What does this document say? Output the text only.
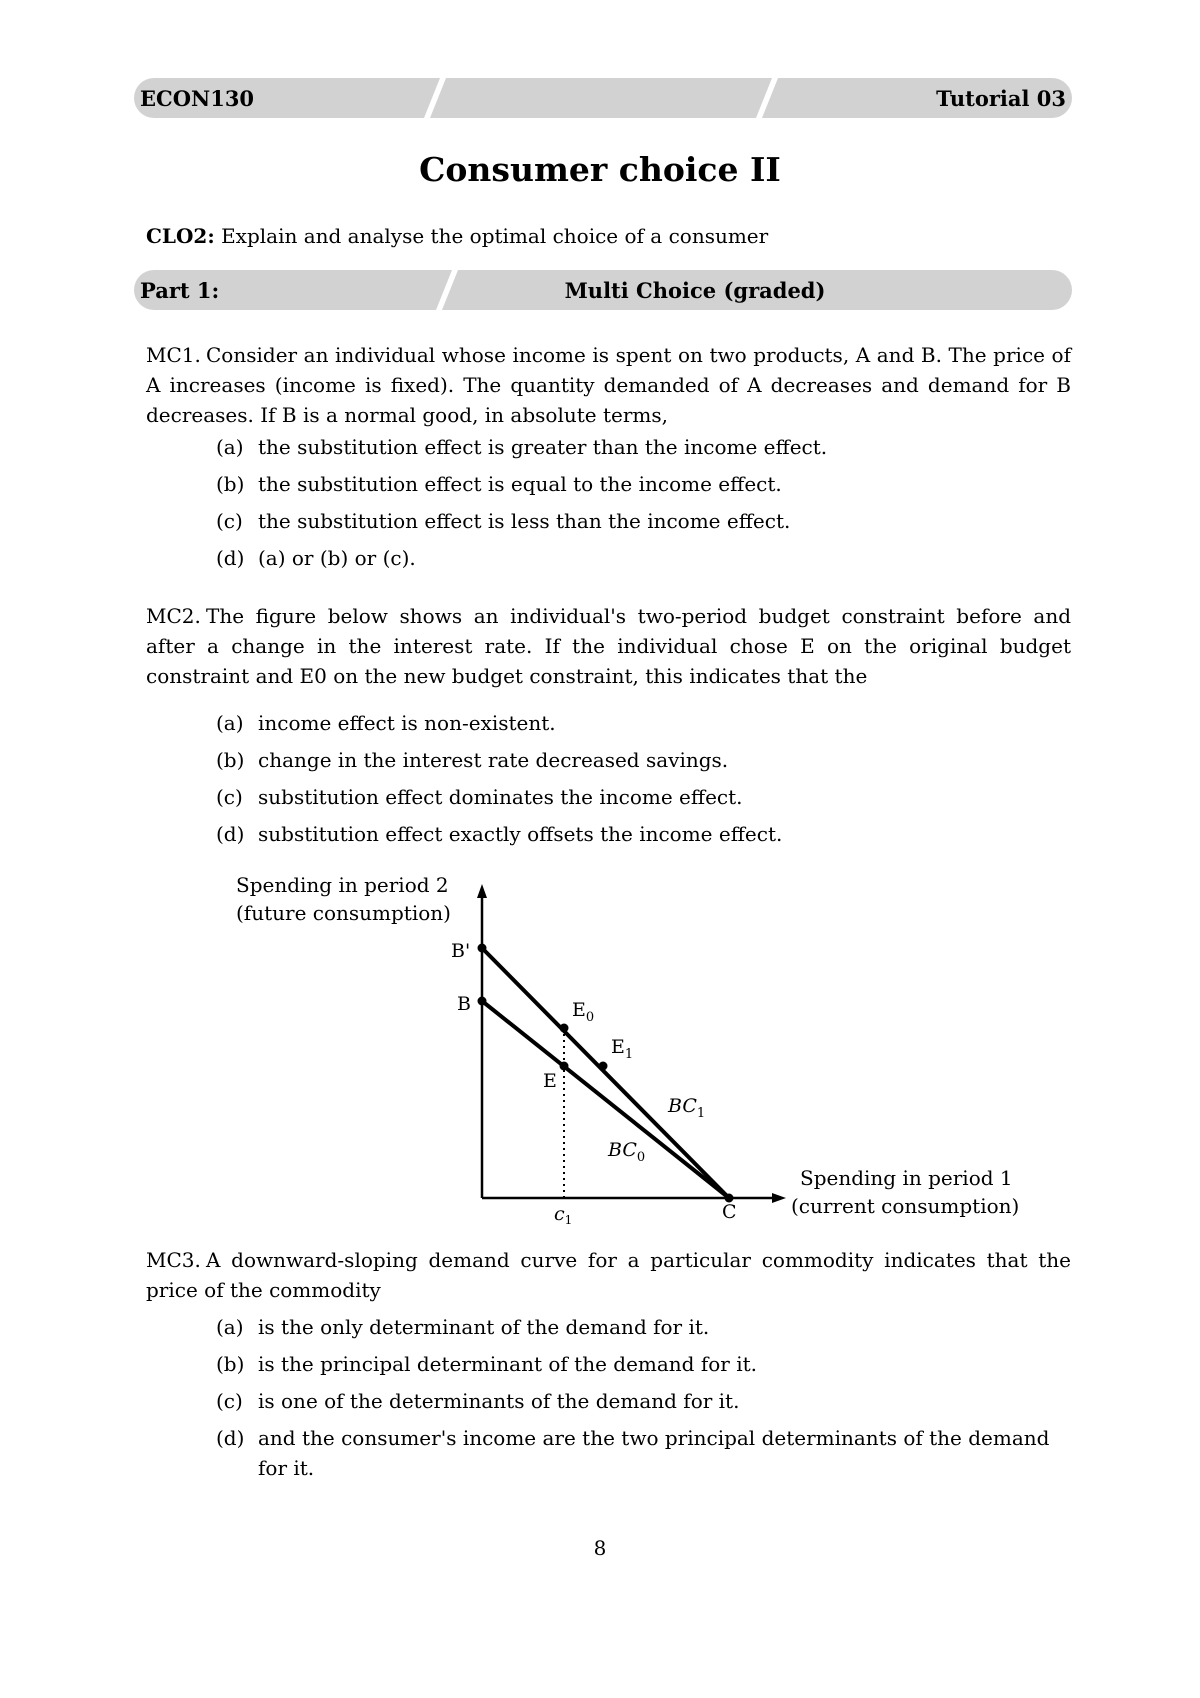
ECON130	Tutorial 03
Consumer choice II
CLO2: Explain and analyse the optimal choice of a consumer
Part 1:	Multi Choice (graded)
MC1. Consider an individual whose income is spent on two products, A and B. The price of A increases (income is fixed). The quantity demanded of A decreases and demand for B decreases. If B is a normal good, in absolute terms,
(a) the substitution effect is greater than the income effect.
(b) the substitution effect is equal to the income effect.
(c) the substitution effect is less than the income effect.
(d) (a) or (b) or (c).
MC2. The figure below shows an individual's two-period budget constraint before and after a change in the interest rate. If the individual chose E on the original budget constraint and E0 on the new budget constraint, this indicates that the
(a) income effect is non-existent.
(b) change in the interest rate decreased savings.
(c) substitution effect dominates the income effect.
(d) substitution effect exactly offsets the income effect.
Spending in period 2
(future consumption)
Spending in period 1
(current consumption)
B'
B
E
$E_0$
$E_1$
C
$c_1$
$BC_1$
$BC_0$
MC3. A downward-sloping demand curve for a particular commodity indicates that the price of the commodity
(a) is the only determinant of the demand for it.
(b) is the principal determinant of the demand for it.
(c) is one of the determinants of the demand for it.
(d) and the consumer's income are the two principal determinants of the demand for it.
8
